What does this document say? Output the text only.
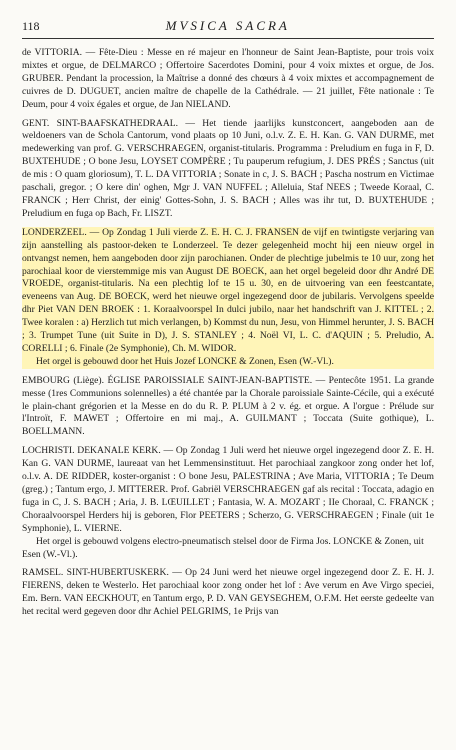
118	MVSICA SACRA

de VITTORIA. — Fête-Dieu : Messe en ré majeur en l'honneur de Saint Jean-Baptiste, pour trois voix mixtes et orgue, de DELMARCO ; Offertoire Sacerdotes Domini, pour 4 voix mixtes et orgue, de Jos. GRUBER. Pendant la procession, la Maîtrise a donné des chœurs à 4 voix mixtes et accompagnement de cuivres de D. DUGUET, ancien maître de chapelle de la Cathédrale. — 21 juillet, Fête nationale : Te Deum, pour 4 voix égales et orgue, de Jan NIELAND.

GENT. SINT-BAAFSKATHEDRAAL. — Het tiende jaarlijks kunstconcert, aangeboden aan de weldoeners van de Schola Cantorum, vond plaats op 10 Juni, o.l.v. Z. E. H. Kan. G. VAN DURME, met medewerking van prof. G. VERSCHRAEGEN, organist-titularis. Programma : Preludium en fuga in F, D. BUXTEHUDE ; O bone Jesu, LOYSET COMPÈRE ; Tu pauperum refugium, J. DES PRÉS ; Sanctus (uit de mis : O quam gloriosum), T. L. DA VITTORIA ; Sonate in c, J. S. BACH ; Pascha nostrum en Victimae paschali, gregor. ; O kere din' oghen, Mgr J. VAN NUFFEL ; Alleluia, Staf NEES ; Tweede Koraal, C. FRANCK ; Herr Christ, der einig' Gottes-Sohn, J. S. BACH ; Alles was ihr tut, D. BUXTEHUDE ; Preludium en fuga op Bach, Fr. LISZT.

LONDERZEEL. — Op Zondag 1 Juli vierde Z. E. H. C. J. FRANSEN de vijf en twintigste verjaring van zijn aanstelling als pastoor-deken te Londerzeel. Te dezer gelegenheid mocht hij een nieuw orgel in ontvangst nemen, hem aangeboden door zijn parochianen. Onder de plechtige jubelmis te 10 uur, zong het parochiaal koor de vierstemmige mis van August DE BOECK, aan het orgel begeleid door dhr André DE VROEDE, organist-titularis. Na een plechtig lof te 15 u. 30, en de uitvoering van een feestcantate, eveneens van Aug. DE BOECK, werd het nieuwe orgel ingezegend door de jubilaris. Vervolgens speelde dhr Piet VAN DEN BROEK : 1. Koraalvoorspel In dulci jubilo, naar het handschrift van J. KITTEL ; 2. Twee koralen : a) Herzlich tut mich verlangen, b) Kommst du nun, Jesu, von Himmel herunter, J. S. BACH ; 3. Trumpet Tune (uit Suite in D), J. S. STANLEY ; 4. Noël VI, L. C. d'AQUIN ; 5. Preludio, A. CORELLI ; 6. Finale (2e Symphonie), Ch. M. WIDOR.

Het orgel is gebouwd door het Huis Jozef LONCKE & Zonen, Esen (W.-Vl.).

EMBOURG (Liège). ÉGLISE PAROISSIALE SAINT-JEAN-BAPTISTE. — Pentecôte 1951. La grande messe (1res Communions solennelles) a été chantée par la Chorale paroissiale Sainte-Cécile, qui a exécuté le plain-chant grégorien et la Messe en do du R. P. PLUM à 2 v. ég. et orgue. A l'orgue : Prélude sur l'Introït, F. MAWET ; Offertoire en mi maj., A. GUILMANT ; Toccata (Suite gothique), L. BOELLMANN.

LOCHRISTI. DEKANALE KERK. — Op Zondag 1 Juli werd het nieuwe orgel ingezegend door Z. E. H. Kan G. VAN DURME, laureaat van het Lemmensinstituut. Het parochiaal zangkoor zong onder het lof, o.l.v. A. DE RIDDER, koster-organist : O bone Jesu, PALESTRINA ; Ave Maria, VITTORIA ; Te Deum (greg.) ; Tantum ergo, J. MITTERER. Prof. Gabriël VERSCHRAEGEN gaf als recital : Toccata, adagio en fuga in C, J. S. BACH ; Aria, J. B. LŒUILLET ; Fantasia, W. A. MOZART ; IIe Choraal, C. FRANCK ; Choraalvoorspel Herders hij is geboren, Flor PEETERS ; Scherzo, G. VERSCHRAEGEN ; Finale (uit 1e Symphonie), L. VIERNE.

Het orgel is gebouwd volgens electro-pneumatisch stelsel door de Firma Jos. LONCKE & Zonen, uit Esen (W.-Vl.).

RAMSEL. SINT-HUBERTUSKERK. — Op 24 Juni werd het nieuwe orgel ingezegend door Z. E. H. J. FIERENS, deken te Westerlo. Het parochiaal koor zong onder het lof : Ave verum en Ave Virgo speciei, Em. Bern. VAN EECKHOUT, en Tantum ergo, P. D. VAN GEYSEGHEM, O.F.M. Het eerste gedeelte van het recital werd gegeven door dhr Achiel PELGRIMS, 1e Prijs van
